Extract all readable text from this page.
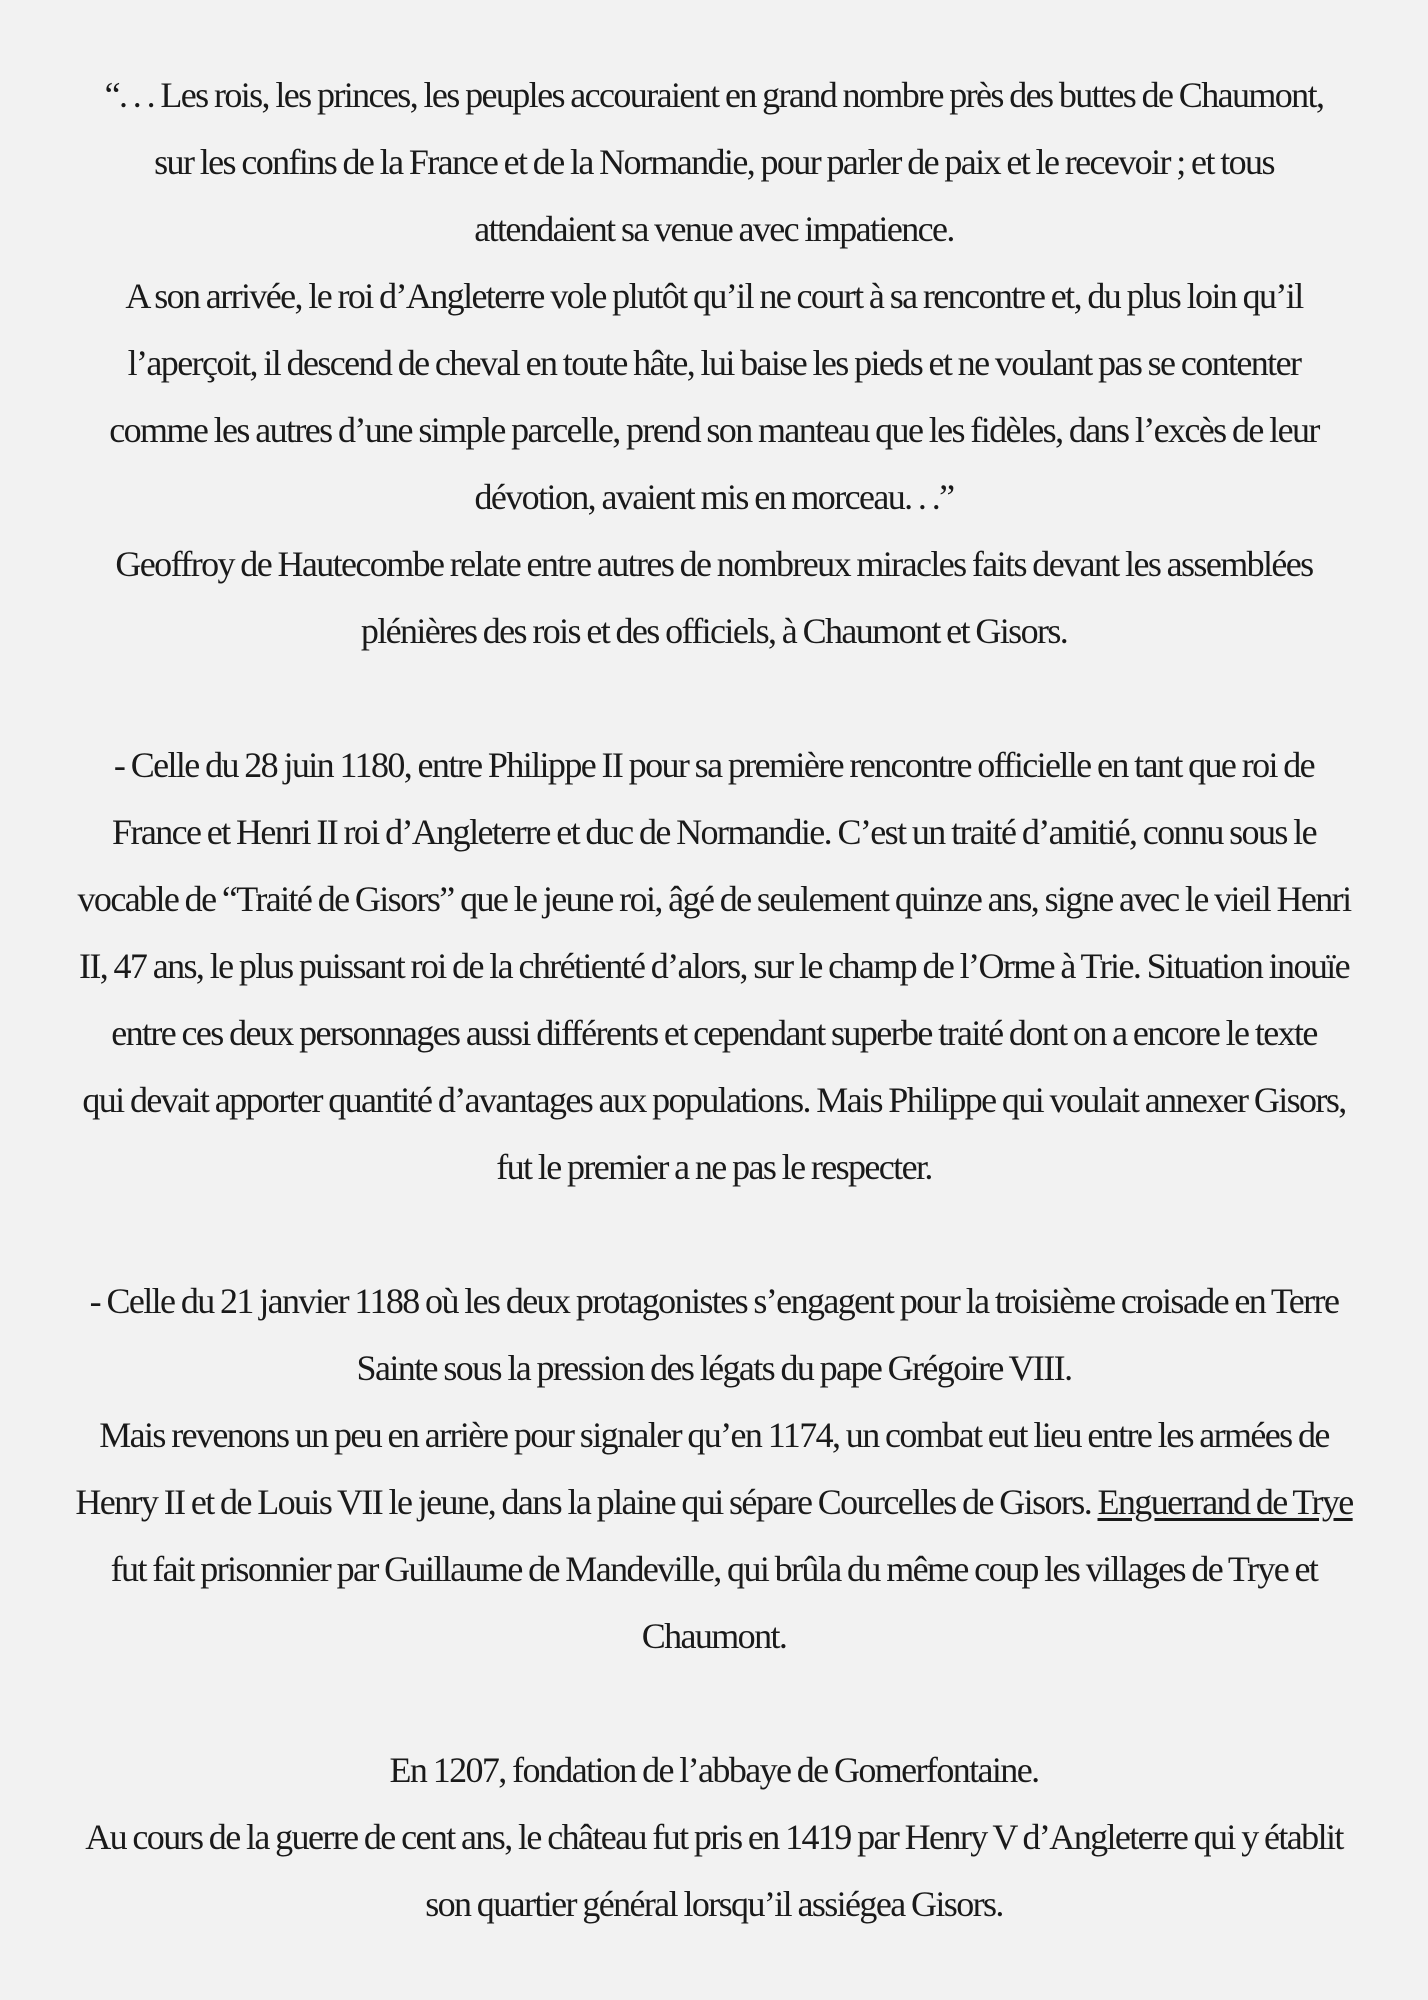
“. . . Les rois, les princes, les peuples accouraient en grand nombre près des buttes de Chaumont,
sur les confins de la France et de la Normandie, pour parler de paix et le recevoir ; et tous
attendaient sa venue avec impatience.
A son arrivée, le roi d’Angleterre vole plutôt qu’il ne court à sa rencontre et, du plus loin qu’il
l’aperçoit, il descend de cheval en toute hâte, lui baise les pieds et ne voulant pas se contenter
comme les autres d’une simple parcelle, prend son manteau que les fidèles, dans l’excès de leur
dévotion, avaient mis en morceau. . .”
Geoffroy de Hautecombe relate entre autres de nombreux miracles faits devant les assemblées
plénières des rois et des officiels, à Chaumont et Gisors.
- Celle du 28 juin 1180, entre Philippe II pour sa première rencontre officielle en tant que roi de
France et Henri II roi d’Angleterre et duc de Normandie. C’est un traité d’amitié, connu sous le
vocable de “Traité de Gisors” que le jeune roi, âgé de seulement quinze ans, signe avec le vieil Henri
II, 47 ans, le plus puissant roi de la chrétienté d’alors, sur le champ de l’Orme à Trie. Situation inouïe
entre ces deux personnages aussi différents et cependant superbe traité dont on a encore le texte
qui devait apporter quantité d’avantages aux populations. Mais Philippe qui voulait annexer Gisors,
fut le premier a ne pas le respecter.
- Celle du 21 janvier 1188 où les deux protagonistes s’engagent pour la troisième croisade en Terre
Sainte sous la pression des légats du pape Grégoire VIII.
Mais revenons un peu en arrière pour signaler qu’en 1174, un combat eut lieu entre les armées de
Henry II et de Louis VII le jeune, dans la plaine qui sépare Courcelles de Gisors. Enguerrand de Trye
fut fait prisonnier par Guillaume de Mandeville, qui brûla du même coup les villages de Trye et
Chaumont.
En 1207, fondation de l’abbaye de Gomerfontaine.
Au cours de la guerre de cent ans, le château fut pris en 1419 par Henry V d’Angleterre qui y établit
son quartier général lorsqu’il assiégea Gisors.
